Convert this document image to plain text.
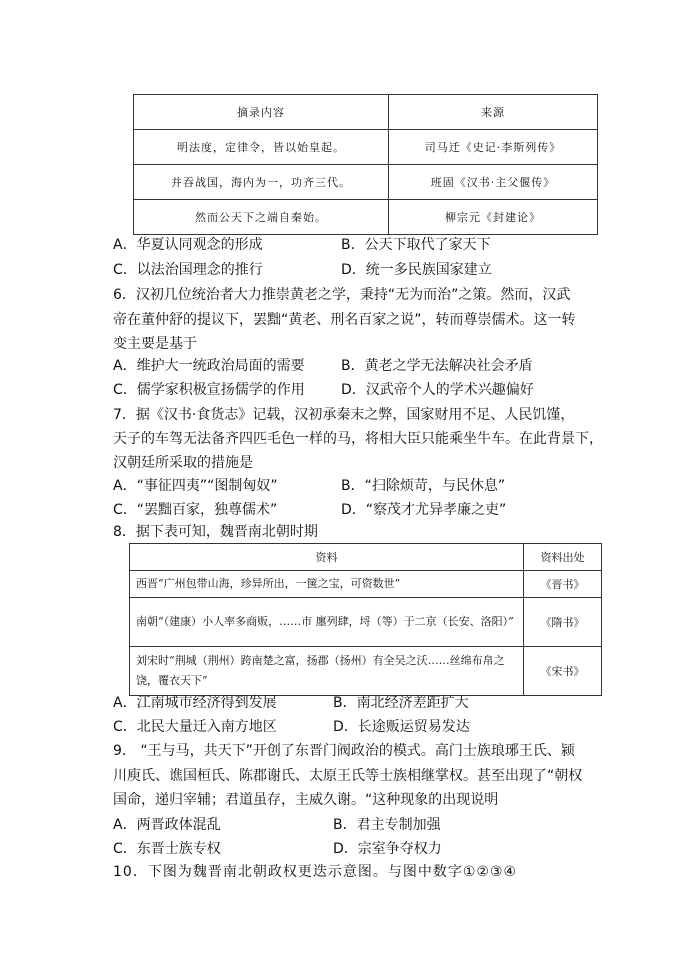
摘录内容	来源
明法度，定律令，皆以始皇起。	司马迁《史记·李斯列传》
并吞战国，海内为一，功齐三代。	班固《汉书·主父偃传》
然而公天下之端自秦始。	柳宗元《封建论》
A．华夏认同观念的形成	B．公天下取代了家天下
C．以法治国理念的推行	D．统一多民族国家建立
6．汉初几位统治者大力推崇黄老之学，秉持“无为而治”之策。然而，汉武
帝在董仲舒的提议下，罢黜“黄老、刑名百家之说”，转而尊崇儒术。这一转
变主要是基于
A．维护大一统政治局面的需要	B．黄老之学无法解决社会矛盾
C．儒学家积极宣扬儒学的作用	D．汉武帝个人的学术兴趣偏好
7．据《汉书·食货志》记载，汉初承秦末之弊，国家财用不足、人民饥馑，
天子的车驾无法备齐四匹毛色一样的马，将相大臣只能乘坐牛车。在此背景下，
汉朝廷所采取的措施是
A．“事征四夷”“图制匈奴”	B．“扫除烦苛，与民休息”
C．“罢黜百家，独尊儒术”	D．“察茂才尤异孝廉之吏”
8．据下表可知，魏晋南北朝时期
资料	资料出处
西晋“广州包带山海，珍异所出，一箧之宝，可资数世”	《晋书》
南朝“（建康）小人率多商贩，……市 廛列肆，埒（等）于二京（长安、洛阳）”	《隋书》
刘宋时“荆城（荆州）跨南楚之富，扬郡（扬州）有全吴之沃……丝绵布帛之饶，覆衣天下”	《宋书》
A．江南城市经济得到发展	B．南北经济差距扩大
C．北民大量迁入南方地区	D．长途贩运贸易发达
9． “王与马，共天下”开创了东晋门阀政治的模式。高门士族琅琊王氏、颍
川庾氏、谯国桓氏、陈郡谢氏、太原王氏等士族相继掌权。甚至出现了“朝权
国命，递归宰辅；君道虽存，主威久谢。“这种现象的出现说明
A．两晋政体混乱	B．君主专制加强
C．东晋士族专权	D．宗室争夺权力
10．下图为魏晋南北朝政权更迭示意图。与图中数字①②③④
